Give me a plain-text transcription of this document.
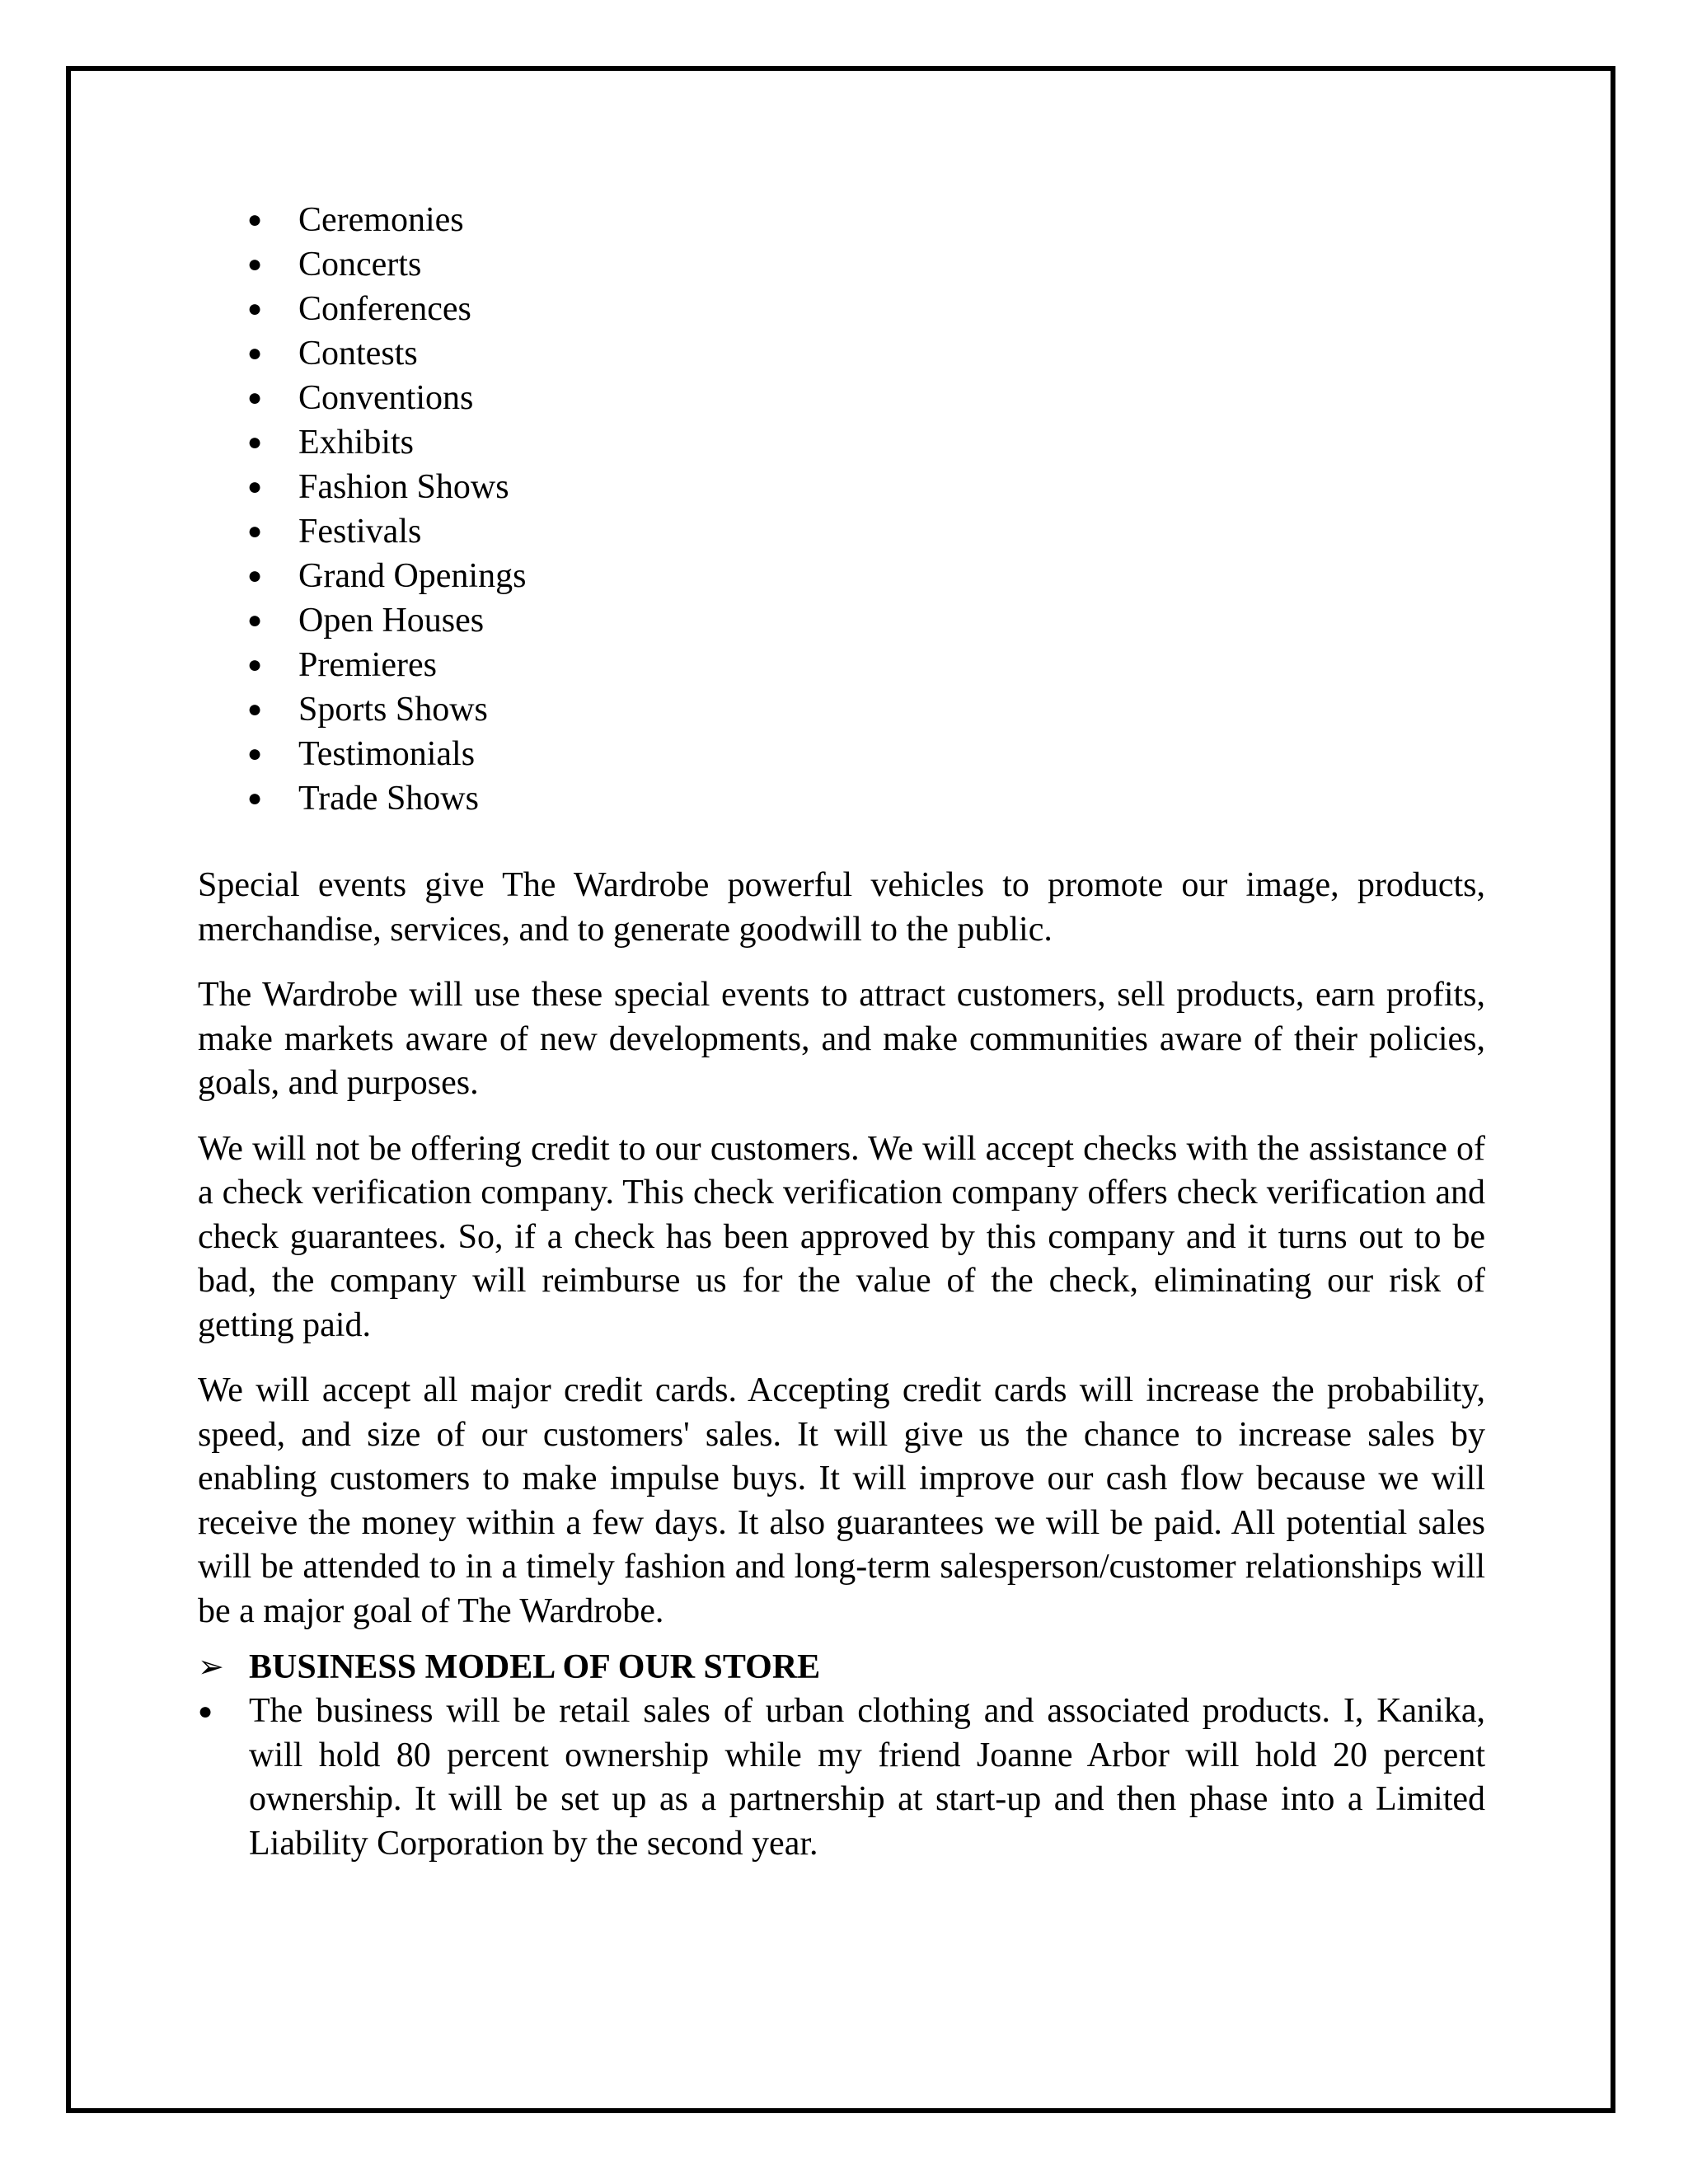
●	Ceremonies
●	Concerts
●	Conferences
●	Contests
●	Conventions
●	Exhibits
●	Fashion Shows
●	Festivals
●	Grand Openings
●	Open Houses
●	Premieres
●	Sports Shows
●	Testimonials
●	Trade Shows

Special events give The Wardrobe powerful vehicles to promote our image, products, merchandise, services, and to generate goodwill to the public.

The Wardrobe will use these special events to attract customers, sell products, earn profits, make markets aware of new developments, and make communities aware of their policies, goals, and purposes.

We will not be offering credit to our customers. We will accept checks with the assistance of a check verification company. This check verification company offers check verification and check guarantees. So, if a check has been approved by this company and it turns out to be bad, the company will reimburse us for the value of the check, eliminating our risk of getting paid.

We will accept all major credit cards. Accepting credit cards will increase the probability, speed, and size of our customers' sales. It will give us the chance to increase sales by enabling customers to make impulse buys. It will improve our cash flow because we will receive the money within a few days. It also guarantees we will be paid. All potential sales will be attended to in a timely fashion and long-term salesperson/customer relationships will be a major goal of The Wardrobe.

➢ BUSINESS MODEL OF OUR STORE
● The business will be retail sales of urban clothing and associated products. I, Kanika, will hold 80 percent ownership while my friend Joanne Arbor will hold 20 percent ownership. It will be set up as a partnership at start-up and then phase into a Limited Liability Corporation by the second year.
